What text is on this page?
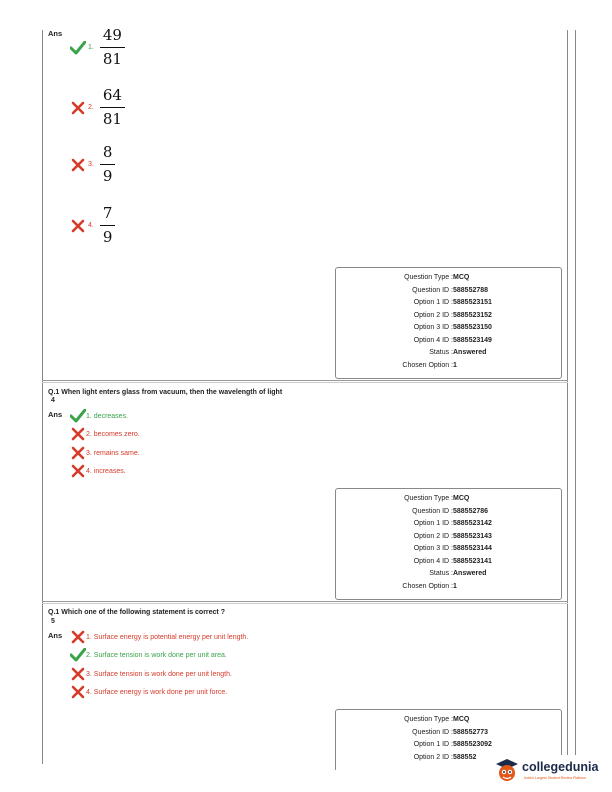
Ans
1. $\frac{49}{81}$
2. $\frac{64}{81}$
3. $\frac{8}{9}$
4. $\frac{7}{9}$
Question Type : MCQ
Question ID : 588552788
Option 1 ID : 5885523151
Option 2 ID : 5885523152
Option 3 ID : 5885523150
Option 4 ID : 5885523149
Status : Answered
Chosen Option : 1
Q.1 When light enters glass from vacuum, then the wavelength of light
4
Ans	1. decreases.
2. becomes zero.
3. remains same.
4. increases.
Question Type : MCQ
Question ID : 588552786
Option 1 ID : 5885523142
Option 2 ID : 5885523143
Option 3 ID : 5885523144
Option 4 ID : 5885523141
Status : Answered
Chosen Option : 1
Q.1 Which one of the following statement is correct ?
5
Ans	1. Surface energy is potential energy per unit length.
2. Surface tension is work done per unit area.
3. Surface tension is work done per unit length.
4. Surface energy is work done per unit force.
Question Type : MCQ
Question ID : 588552773
Option 1 ID : 5885523092
Option 2 ID : 588552
collegedunia
India's Largest Student Review Platform
